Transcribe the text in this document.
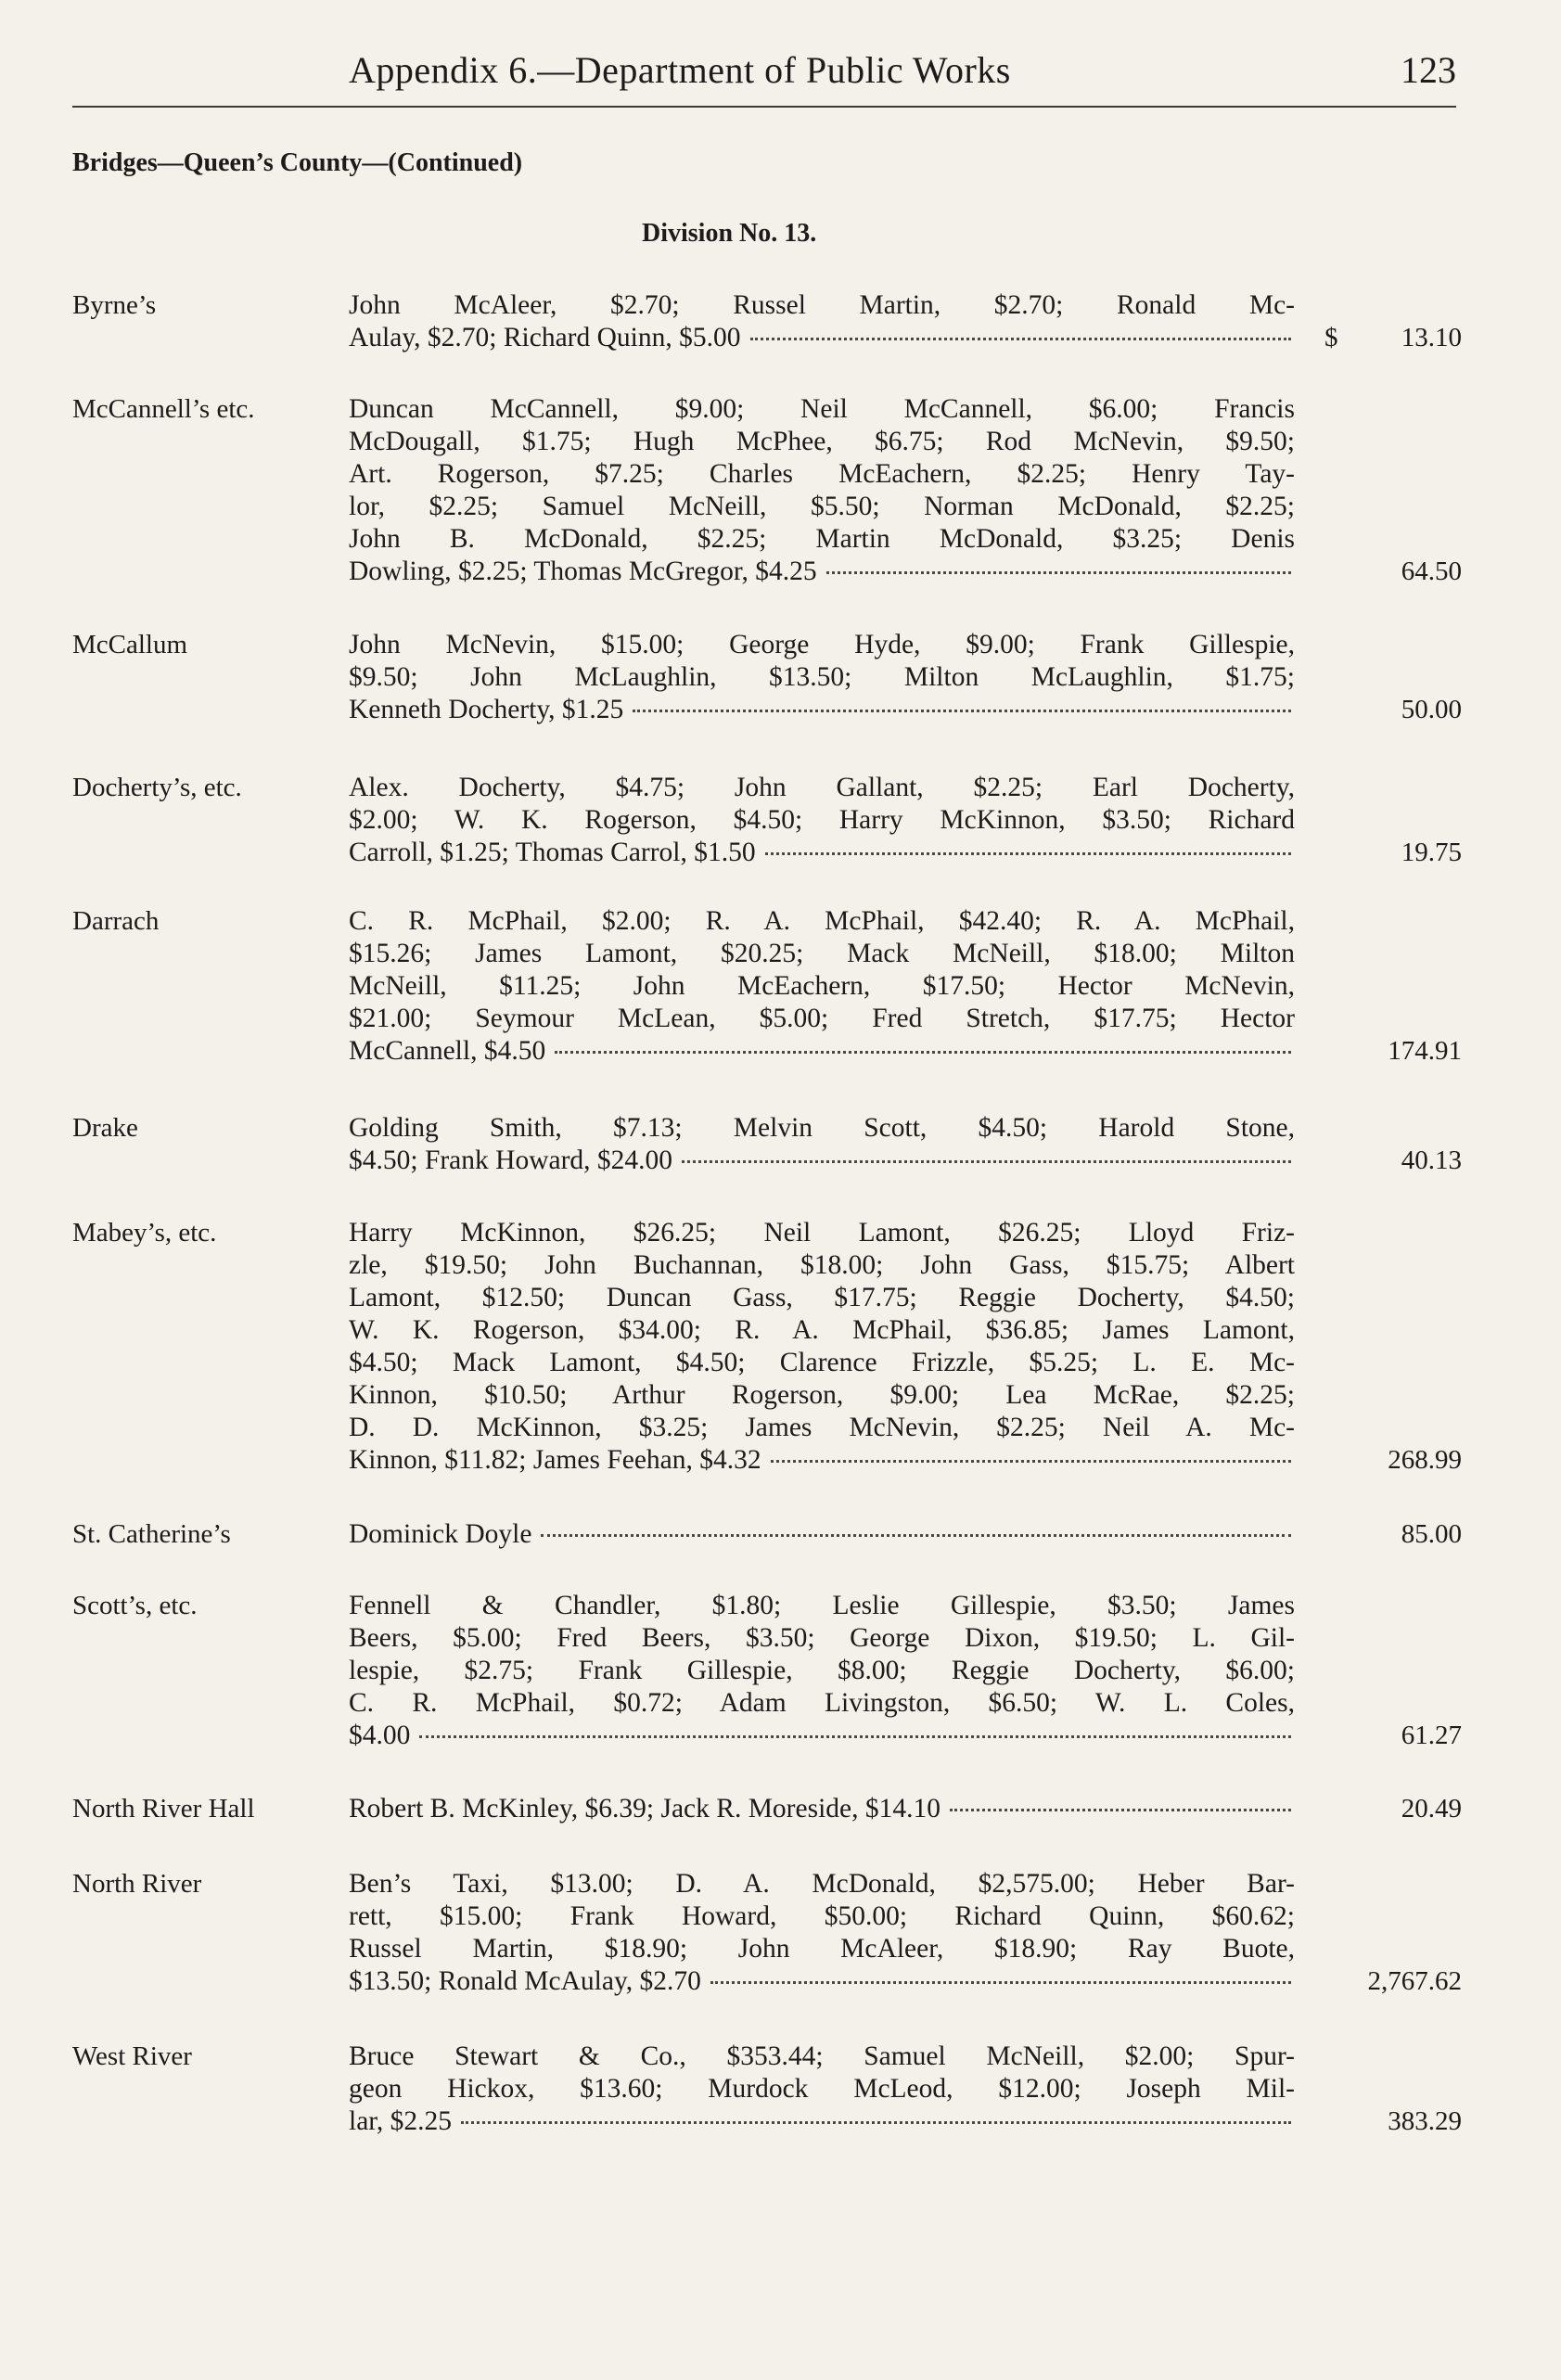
Appendix 6.—Department of Public Works	123
Bridges—Queen’s County—(Continued)
Division No. 13.
Byrne’s	John McAleer, $2.70; Russel Martin, $2.70; Ronald Mc-
Aulay, $2.70; Richard Quinn, $5.00	$ 13.10
McCannell’s etc.	Duncan McCannell, $9.00; Neil McCannell, $6.00; Francis
McDougall, $1.75; Hugh McPhee, $6.75; Rod McNevin, $9.50;
Art. Rogerson, $7.25; Charles McEachern, $2.25; Henry Tay-
lor, $2.25; Samuel McNeill, $5.50; Norman McDonald, $2.25;
John B. McDonald, $2.25; Martin McDonald, $3.25; Denis
Dowling, $2.25; Thomas McGregor, $4.25	64.50
McCallum	John McNevin, $15.00; George Hyde, $9.00; Frank Gillespie,
$9.50; John McLaughlin, $13.50; Milton McLaughlin, $1.75;
Kenneth Docherty, $1.25	50.00
Docherty’s, etc.	Alex. Docherty, $4.75; John Gallant, $2.25; Earl Docherty,
$2.00; W. K. Rogerson, $4.50; Harry McKinnon, $3.50; Richard
Carroll, $1.25; Thomas Carrol, $1.50	19.75
Darrach	C. R. McPhail, $2.00; R. A. McPhail, $42.40; R. A. McPhail,
$15.26; James Lamont, $20.25; Mack McNeill, $18.00; Milton
McNeill, $11.25; John McEachern, $17.50; Hector McNevin,
$21.00; Seymour McLean, $5.00; Fred Stretch, $17.75; Hector
McCannell, $4.50	174.91
Drake	Golding Smith, $7.13; Melvin Scott, $4.50; Harold Stone,
$4.50; Frank Howard, $24.00	40.13
Mabey’s, etc.	Harry McKinnon, $26.25; Neil Lamont, $26.25; Lloyd Friz-
zle, $19.50; John Buchannan, $18.00; John Gass, $15.75; Albert
Lamont, $12.50; Duncan Gass, $17.75; Reggie Docherty, $4.50;
W. K. Rogerson, $34.00; R. A. McPhail, $36.85; James Lamont,
$4.50; Mack Lamont, $4.50; Clarence Frizzle, $5.25; L. E. Mc-
Kinnon, $10.50; Arthur Rogerson, $9.00; Lea McRae, $2.25;
D. D. McKinnon, $3.25; James McNevin, $2.25; Neil A. Mc-
Kinnon, $11.82; James Feehan, $4.32	268.99
St. Catherine’s	Dominick Doyle	85.00
Scott’s, etc.	Fennell & Chandler, $1.80; Leslie Gillespie, $3.50; James
Beers, $5.00; Fred Beers, $3.50; George Dixon, $19.50; L. Gil-
lespie, $2.75; Frank Gillespie, $8.00; Reggie Docherty, $6.00;
C. R. McPhail, $0.72; Adam Livingston, $6.50; W. L. Coles,
$4.00	61.27
North River Hall	Robert B. McKinley, $6.39; Jack R. Moreside, $14.10	20.49
North River	Ben’s Taxi, $13.00; D. A. McDonald, $2,575.00; Heber Bar-
rett, $15.00; Frank Howard, $50.00; Richard Quinn, $60.62;
Russel Martin, $18.90; John McAleer, $18.90; Ray Buote,
$13.50; Ronald McAulay, $2.70	2,767.62
West River	Bruce Stewart & Co., $353.44; Samuel McNeill, $2.00; Spur-
geon Hickox, $13.60; Murdock McLeod, $12.00; Joseph Mil-
lar, $2.25	383.29
